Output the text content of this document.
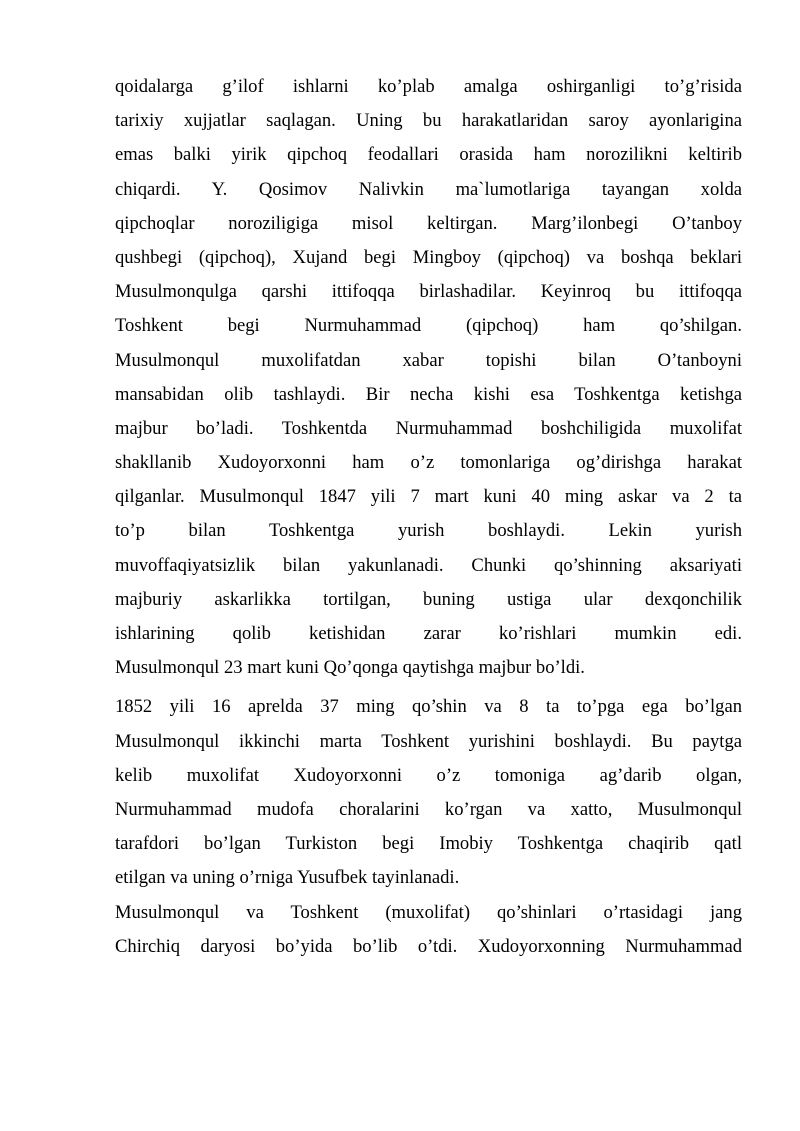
qoidalarga g’ilof ishlarni ko’plab amalga oshirganligi to’g’risida
tarixiy xujjatlar saqlagan. Uning bu harakatlaridan saroy ayonlarigina
emas balki yirik qipchoq feodallari orasida ham norozilikni keltirib
chiqardi. Y. Qosimov Nalivkin ma`lumotlariga tayangan xolda
qipchoqlar noroziligiga misol keltirgan. Marg’ilonbegi O’tanboy
qushbegi (qipchoq), Xujand begi Mingboy (qipchoq) va boshqa beklari
Musulmonqulga qarshi ittifoqqa birlashadilar. Keyinroq bu ittifoqqa
Toshkent begi Nurmuhammad (qipchoq) ham qo’shilgan.
Musulmonqul muxolifatdan xabar topishi bilan O’tanboyni
mansabidan olib tashlaydi. Bir necha kishi esa Toshkentga ketishga
majbur bo’ladi. Toshkentda Nurmuhammad boshchiligida muxolifat
shakllanib Xudoyorxonni ham o’z tomonlariga og’dirishga harakat
qilganlar. Musulmonqul 1847 yili 7 mart kuni 40 ming askar va 2 ta
to’p bilan Toshkentga yurish boshlaydi. Lekin yurish
muvoffaqiyatsizlik bilan yakunlanadi. Chunki qo’shinning aksariyati
majburiy askarlikka tortilgan, buning ustiga ular dexqonchilik
ishlarining qolib ketishidan zarar ko’rishlari mumkin edi.
Musulmonqul 23 mart kuni Qo’qonga qaytishga majbur bo’ldi.
1852 yili 16 aprelda 37 ming qo’shin va 8 ta to’pga ega bo’lgan
Musulmonqul ikkinchi marta Toshkent yurishini boshlaydi. Bu paytga
kelib muxolifat Xudoyorxonni o’z tomoniga ag’darib olgan,
Nurmuhammad mudofa choralarini ko’rgan va xatto, Musulmonqul
tarafdori bo’lgan Turkiston begi Imobiy Toshkentga chaqirib qatl
etilgan va uning o’rniga Yusufbek tayinlanadi.
Musulmonqul va Toshkent (muxolifat) qo’shinlari o’rtasidagi jang
Chirchiq daryosi bo’yida bo’lib o’tdi. Xudoyorxonning Nurmuhammad
